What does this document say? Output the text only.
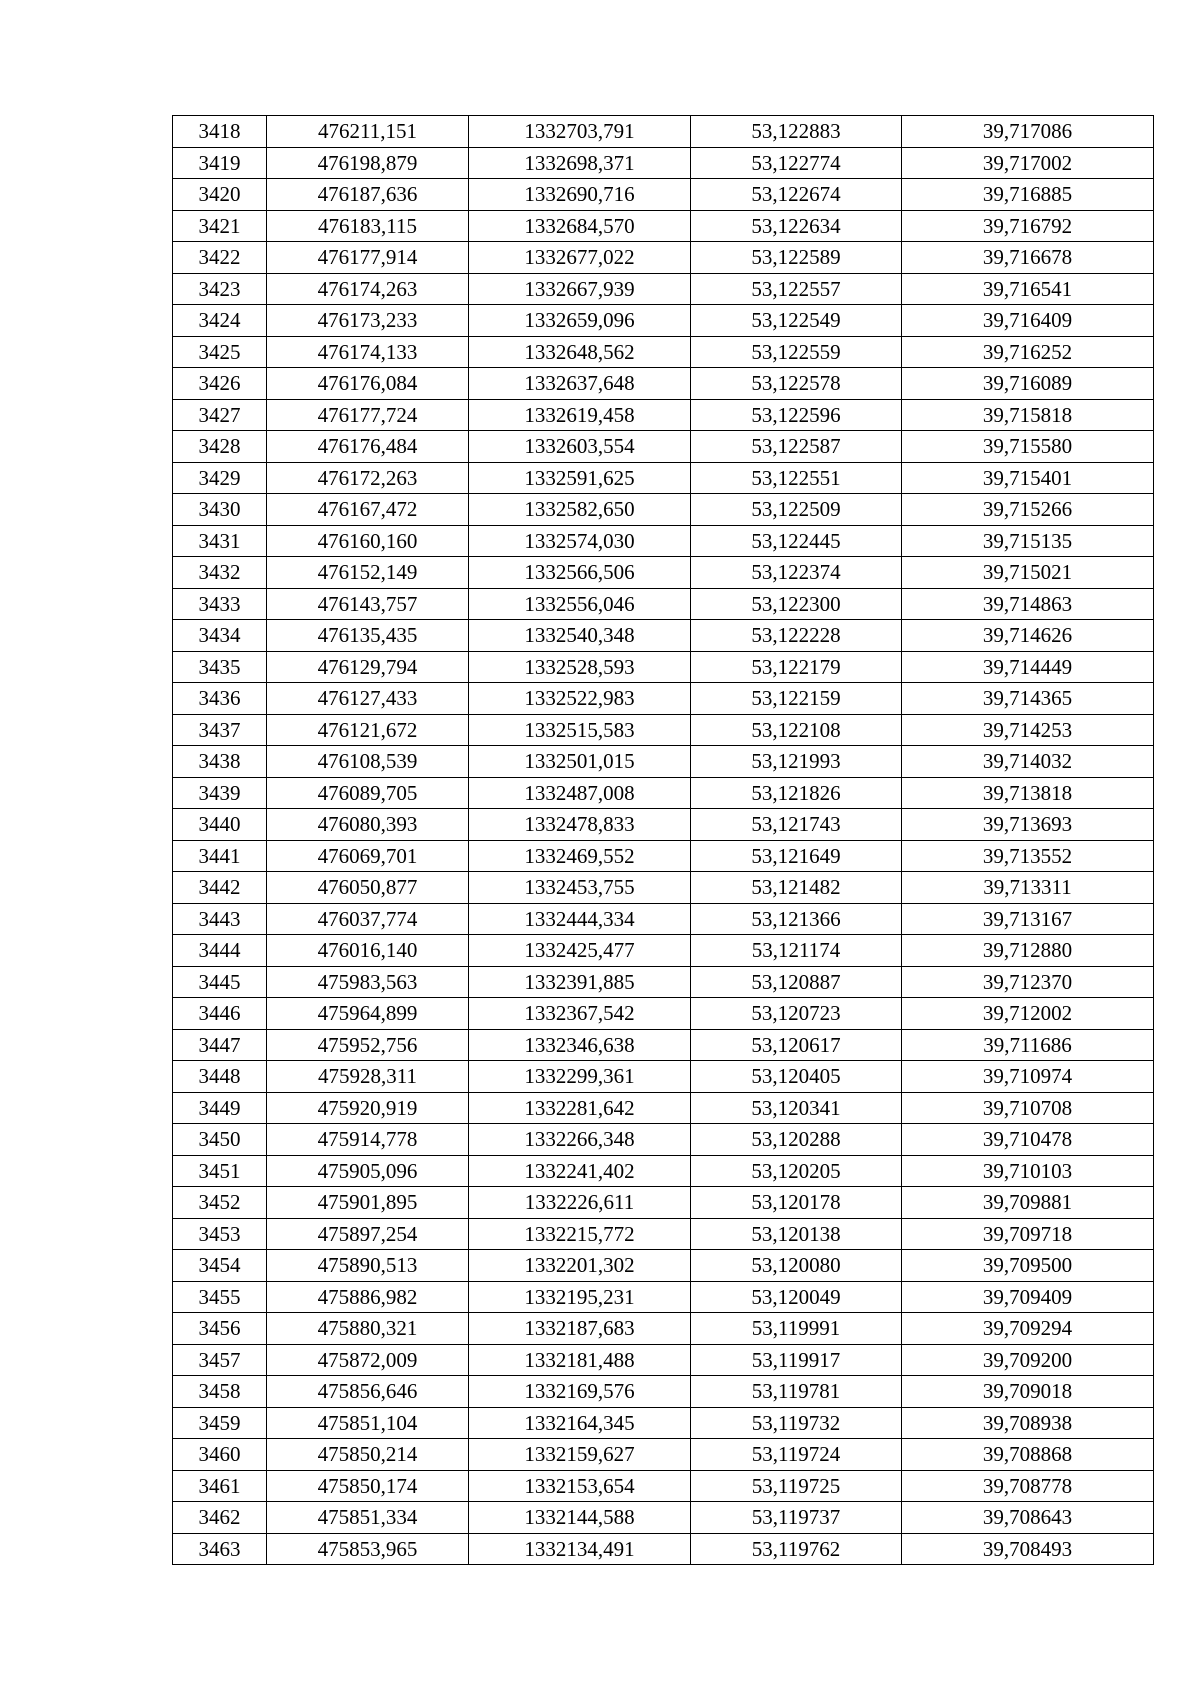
3418	476211,151	1332703,791	53,122883	39,717086
3419	476198,879	1332698,371	53,122774	39,717002
3420	476187,636	1332690,716	53,122674	39,716885
3421	476183,115	1332684,570	53,122634	39,716792
3422	476177,914	1332677,022	53,122589	39,716678
3423	476174,263	1332667,939	53,122557	39,716541
3424	476173,233	1332659,096	53,122549	39,716409
3425	476174,133	1332648,562	53,122559	39,716252
3426	476176,084	1332637,648	53,122578	39,716089
3427	476177,724	1332619,458	53,122596	39,715818
3428	476176,484	1332603,554	53,122587	39,715580
3429	476172,263	1332591,625	53,122551	39,715401
3430	476167,472	1332582,650	53,122509	39,715266
3431	476160,160	1332574,030	53,122445	39,715135
3432	476152,149	1332566,506	53,122374	39,715021
3433	476143,757	1332556,046	53,122300	39,714863
3434	476135,435	1332540,348	53,122228	39,714626
3435	476129,794	1332528,593	53,122179	39,714449
3436	476127,433	1332522,983	53,122159	39,714365
3437	476121,672	1332515,583	53,122108	39,714253
3438	476108,539	1332501,015	53,121993	39,714032
3439	476089,705	1332487,008	53,121826	39,713818
3440	476080,393	1332478,833	53,121743	39,713693
3441	476069,701	1332469,552	53,121649	39,713552
3442	476050,877	1332453,755	53,121482	39,713311
3443	476037,774	1332444,334	53,121366	39,713167
3444	476016,140	1332425,477	53,121174	39,712880
3445	475983,563	1332391,885	53,120887	39,712370
3446	475964,899	1332367,542	53,120723	39,712002
3447	475952,756	1332346,638	53,120617	39,711686
3448	475928,311	1332299,361	53,120405	39,710974
3449	475920,919	1332281,642	53,120341	39,710708
3450	475914,778	1332266,348	53,120288	39,710478
3451	475905,096	1332241,402	53,120205	39,710103
3452	475901,895	1332226,611	53,120178	39,709881
3453	475897,254	1332215,772	53,120138	39,709718
3454	475890,513	1332201,302	53,120080	39,709500
3455	475886,982	1332195,231	53,120049	39,709409
3456	475880,321	1332187,683	53,119991	39,709294
3457	475872,009	1332181,488	53,119917	39,709200
3458	475856,646	1332169,576	53,119781	39,709018
3459	475851,104	1332164,345	53,119732	39,708938
3460	475850,214	1332159,627	53,119724	39,708868
3461	475850,174	1332153,654	53,119725	39,708778
3462	475851,334	1332144,588	53,119737	39,708643
3463	475853,965	1332134,491	53,119762	39,708493
